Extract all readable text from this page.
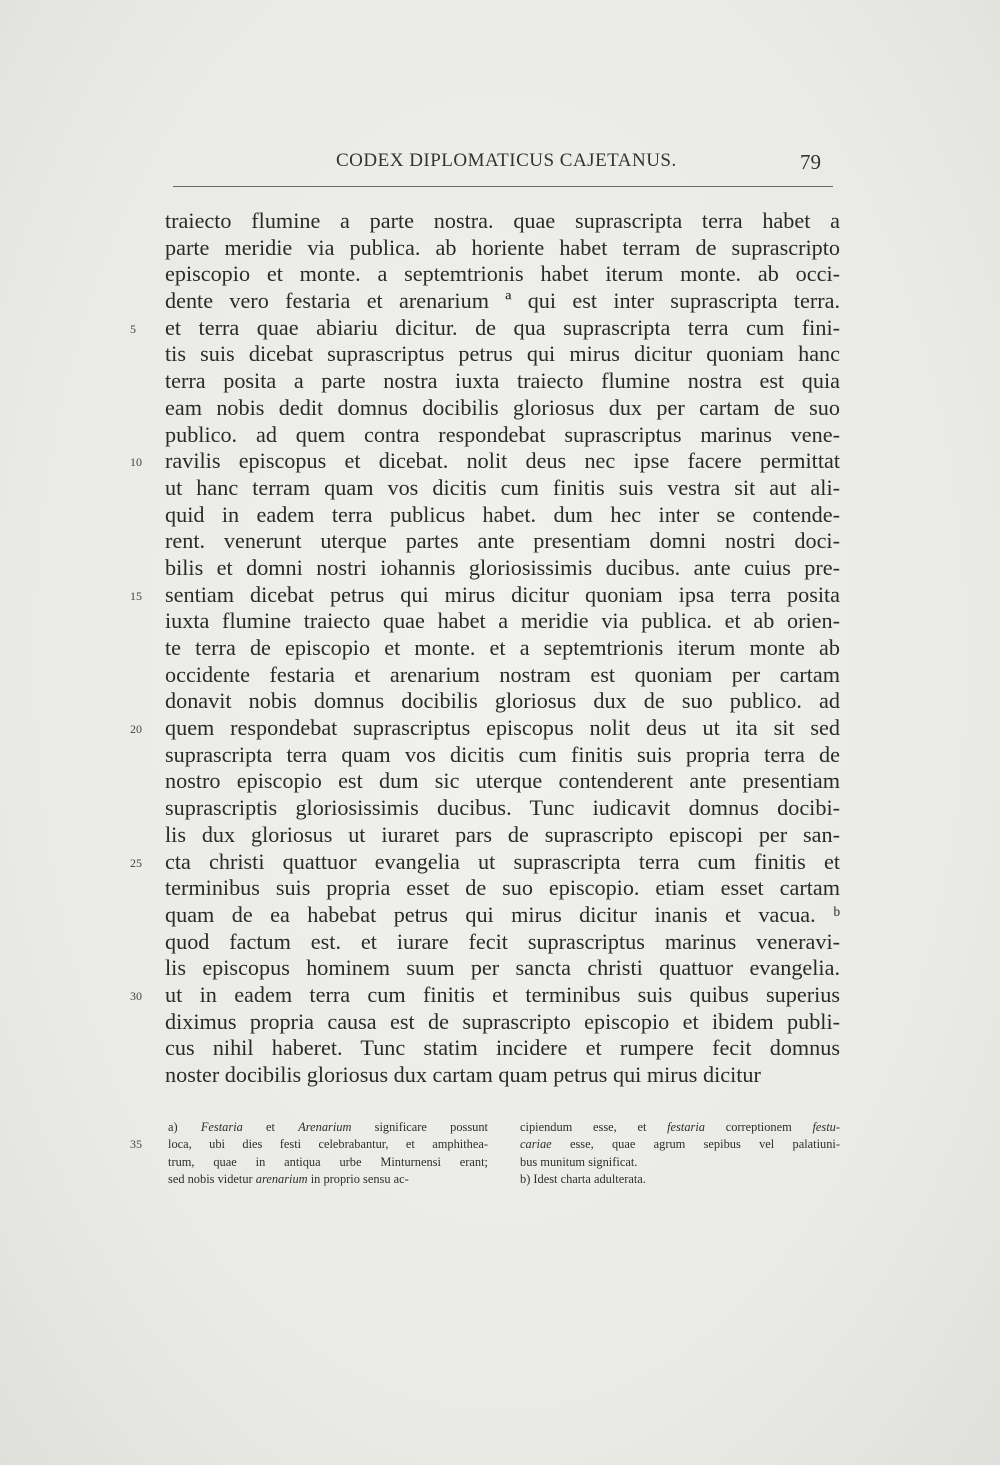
CODEX DIPLOMATICUS CAJETANUS.	79
traiecto flumine a parte nostra. quae suprascripta terra habet a
parte meridie via publica. ab horiente habet terram de suprascripto
episcopio et monte. a septemtrionis habet iterum monte. ab occi-
dente vero festaria et arenarium ª qui est inter suprascripta terra.
et terra quae abiariu dicitur. de qua suprascripta terra cum fini-
tis suis dicebat suprascriptus petrus qui mirus dicitur quoniam hanc
terra posita a parte nostra iuxta traiecto flumine nostra est quia
eam nobis dedit domnus docibilis gloriosus dux per cartam de suo
publico. ad quem contra respondebat suprascriptus marinus vene-
ravilis episcopus et dicebat. nolit deus nec ipse facere permittat
ut hanc terram quam vos dicitis cum finitis suis vestra sit aut ali-
quid in eadem terra publicus habet. dum hec inter se contende-
rent. venerunt uterque partes ante presentiam domni nostri doci-
bilis et domni nostri iohannis gloriosissimis ducibus. ante cuius pre-
sentiam dicebat petrus qui mirus dicitur quoniam ipsa terra posita
iuxta flumine traiecto quae habet a meridie via publica. et ab orien-
te terra de episcopio et monte. et a septemtrionis iterum monte ab
occidente festaria et arenarium nostram est quoniam per cartam
donavit nobis domnus docibilis gloriosus dux de suo publico. ad
quem respondebat suprascriptus episcopus nolit deus ut ita sit sed
suprascripta terra quam vos dicitis cum finitis suis propria terra de
nostro episcopio est dum sic uterque contenderent ante presentiam
suprascriptis gloriosissimis ducibus. Tunc iudicavit domnus docibi-
lis dux gloriosus ut iuraret pars de suprascripto episcopi per san-
cta christi quattuor evangelia ut suprascripta terra cum finitis et
terminibus suis propria esset de suo episcopio. etiam esset cartam
quam de ea habebat petrus qui mirus dicitur inanis et vacua. ᵇ
quod factum est. et iurare fecit suprascriptus marinus veneravi-
lis episcopus hominem suum per sancta christi quattuor evangelia.
ut in eadem terra cum finitis et terminibus suis quibus superius
diximus propria causa est de suprascripto episcopio et ibidem publi-
cus nihil haberet. Tunc statim incidere et rumpere fecit domnus
noster docibilis gloriosus dux cartam quam petrus qui mirus dicitur
5
10
15
20
25
30
35
a) Festaria et Arenarium significare possunt
loca, ubi dies festi celebrabantur, et amphithea-
trum, quae in antiqua urbe Minturnensi erant;
sed nobis videtur arenarium in proprio sensu ac-
cipiendum esse, et festaria correptionem festu-
cariae esse, quae agrum sepibus vel palatiuni-
bus munitum significat.
b) Idest charta adulterata.
